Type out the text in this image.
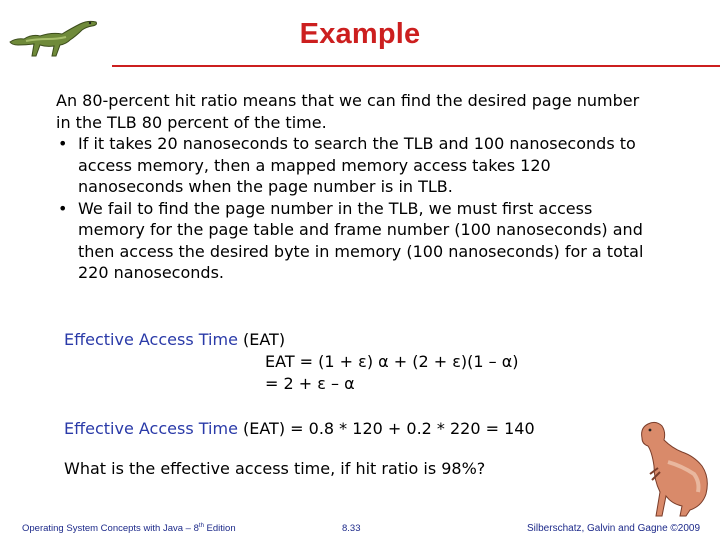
Example
An 80-percent hit ratio means that we can find the desired page number in the TLB 80 percent of the time.
• If it takes 20 nanoseconds to search the TLB and 100 nanoseconds to access memory, then a mapped memory access takes 120 nanoseconds when the page number is in TLB.
• We fail to find the page number in the TLB, we must first access memory for the page table and frame number (100 nanoseconds) and then access the desired byte in memory (100 nanoseconds) for a total 220 nanoseconds.
Effective Access Time (EAT)
EAT = (1 + ε) α + (2 + ε)(1 – α)
= 2 + ε – α
Effective Access Time (EAT) = 0.8 * 120 + 0.2 * 220 = 140
What is the effective access time, if hit ratio is 98%?
Operating System Concepts with Java – 8th Edition	8.33	Silberschatz, Galvin and Gagne ©2009
